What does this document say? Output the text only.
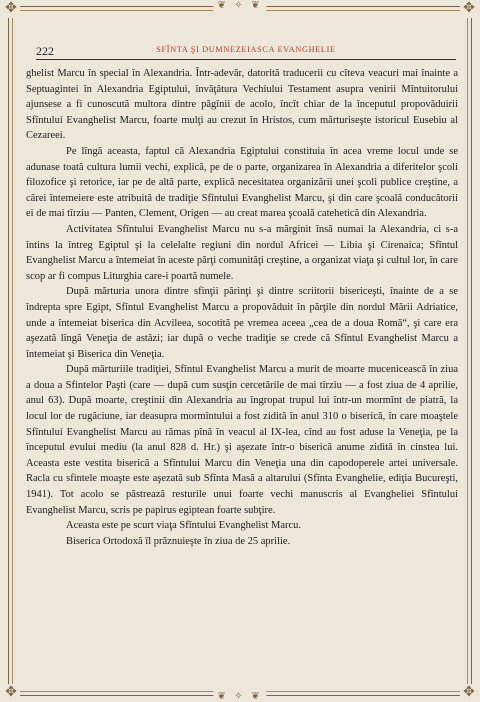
✥	✥
✥	✥
❦ ✧ ❦
❦ ✧ ❦
222	SFÎNTA ŞI DUMNEZEIASCA EVANGHELIE

ghelist Marcu în special în Alexandria. Într-adevăr, datorită traducerii cu cîteva veacuri mai înainte a Septuagintei în Alexandria Egiptului, învăţătura Vechiului Testament asupra venirii Mîntuitorului ajunsese a fi cunoscută multora dintre păgînii de acolo, încît chiar de la începutul propovăduirii Sfîntului Evanghelist Marcu, foarte mulţi au crezut în Hristos, cum mărturiseşte istoricul Eusebiu al Cezareei.

Pe lîngă aceasta, faptul că Alexandria Egiptului constituia în acea vreme locul unde se adunase toată cultura lumii vechi, explică, pe de o parte, organizarea în Alexandria a diferitelor şcoli filozofice şi retorice, iar pe de altă parte, explică necesitatea organizării unei şcoli publice creştine, a cărei întemeiere este atribuită de tradiţie Sfîntului Evanghelist Marcu, şi din care şcoală conducătorii ei de mai tîrziu — Panten, Clement, Origen — au creat marea şcoală catehetică din Alexandria.

Activitatea Sfîntului Evanghelist Marcu nu s-a mărginit însă numai la Alexandria, ci s-a întins la întreg Egiptul şi la celelalte regiuni din nordul Africei — Libia şi Cirenaica; Sfîntul Evanghelist Marcu a întemeiat în aceste părţi comunităţi creştine, a organizat viaţa şi cultul lor, în care scop ar fi compus Liturghia care-i poartă numele.

După mărturia unora dintre sfinţii părinţi şi dintre scriitorii bisericeşti, înainte de a se îndrepta spre Egipt, Sfîntul Evanghelist Marcu a propovăduit în părţile din nordul Mării Adriatice, unde a întemeiat biserica din Acvileea, socotită pe vremea aceea „cea de a doua Romă“, şi care era aşezată lîngă Veneţia de astăzi; iar după o veche tradiţie se crede că Sfîntul Evanghelist Marcu a întemeiat şi Biserica din Veneţia.

După mărturiile tradiţiei, Sfîntul Evanghelist Marcu a murit de moarte mucenicească în ziua a doua a Sfintelor Paşti (care — după cum susţin cercetările de mai tîrziu — a fost ziua de 4 aprilie, anul 63). După moarte, creştinii din Alexandria au îngropat trupul lui într-un mormînt de piatră, la locul lor de rugăciune, iar deasupra mormîntului a fost zidită în anul 310 o biserică, în care moaştele Sfîntului Evanghelist Marcu au rămas pînă în veacul al IX-lea, cînd au fost aduse la Veneţia, pe la începutul evului mediu (la anul 828 d. Hr.) şi aşezate într-o biserică anume zidită în cinstea lui. Aceasta este vestita biserică a Sfîntului Marcu din Veneţia una din capodoperele artei universale. Racla cu sfintele moaşte este aşezată sub Sfînta Masă a altarului (Sfînta Evanghelie, ediţia Bucureşti, 1941). Tot acolo se păstrează resturile unui foarte vechi manuscris al Evangheliei Sfîntului Evanghelist Marcu, scris pe papirus egiptean foarte subţire.

Aceasta este pe scurt viaţa Sfîntului Evanghelist Marcu.

Biserica Ortodoxă îl prăznuieşte în ziua de 25 aprilie.
